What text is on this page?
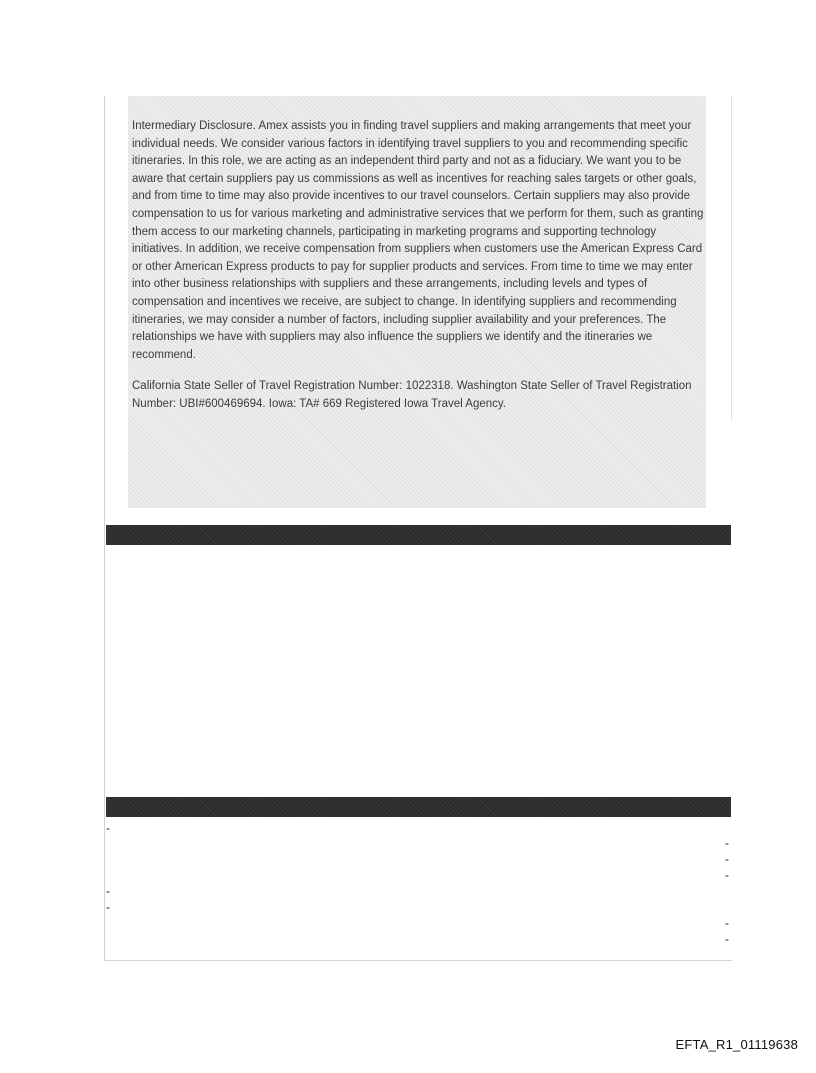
Intermediary Disclosure. Amex assists you in finding travel suppliers and making arrangements that meet your individual needs. We consider various factors in identifying travel suppliers to you and recommending specific itineraries. In this role, we are acting as an independent third party and not as a fiduciary. We want you to be aware that certain suppliers pay us commissions as well as incentives for reaching sales targets or other goals, and from time to time may also provide incentives to our travel counselors. Certain suppliers may also provide compensation to us for various marketing and administrative services that we perform for them, such as granting them access to our marketing channels, participating in marketing programs and supporting technology initiatives. In addition, we receive compensation from suppliers when customers use the American Express Card or other American Express products to pay for supplier products and services. From time to time we may enter into other business relationships with suppliers and these arrangements, including levels and types of compensation and incentives we receive, are subject to change. In identifying suppliers and recommending itineraries, we may consider a number of factors, including supplier availability and your preferences. The relationships we have with suppliers may also influence the suppliers we identify and the itineraries we recommend.

California State Seller of Travel Registration Number: 1022318. Washington State Seller of Travel Registration Number: UBI#600469694. Iowa: TA# 669 Registered Iowa Travel Agency.

-
-
-
-
-
-
-
-
EFTA_R1_01119638
